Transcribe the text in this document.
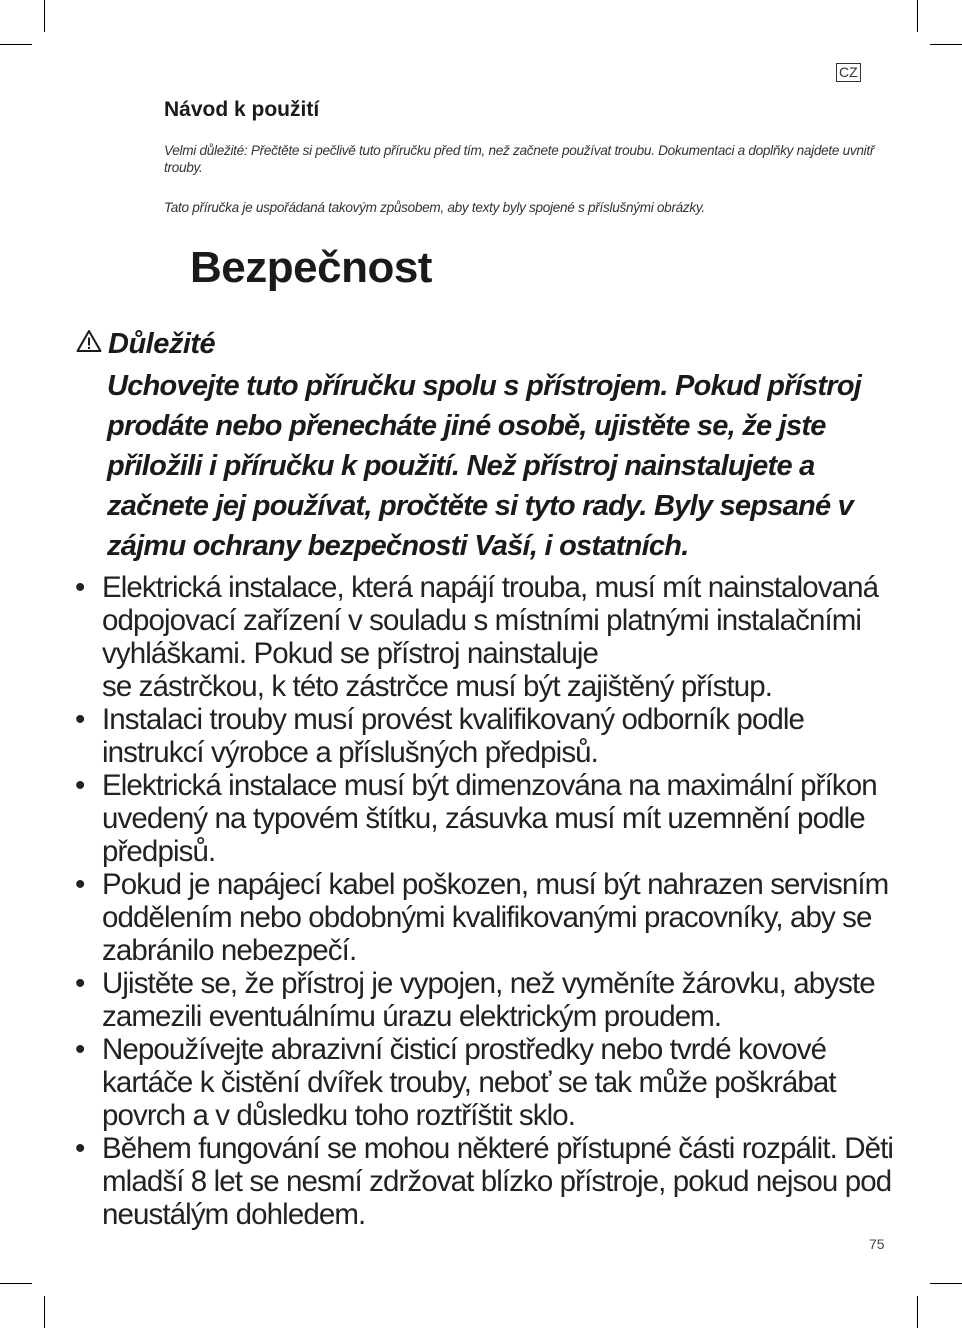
CZ
Návod k použití

Velmi důležité: Přečtěte si pečlivě tuto příručku před tím, než začnete používat troubu. Dokumentaci a doplňky najdete uvnitř trouby.

Tato příručka je uspořádaná takovým způsobem, aby texty byly spojené s příslušnými obrázky.

Bezpečnost
Důležité

Uchovejte tuto příručku spolu s přístrojem. Pokud přístroj prodáte nebo přenecháte jiné osobě, ujistěte se, že jste přiložili i příručku k použití. Než přístroj nainstalujete a začnete jej používat, pročtěte si tyto rady. Byly sepsané v zájmu ochrany bezpečnosti Vaší, i ostatních.

• Elektrická instalace, která napájí trouba, musí mít nainstalovaná odpojovací zařízení v souladu s místními platnými instalačními vyhláškami. Pokud se přístroj nainstaluje
se zástrčkou, k této zástrčce musí být zajištěný přístup.
• Instalaci trouby musí provést kvalifikovaný odborník podle instrukcí výrobce a příslušných předpisů.
• Elektrická instalace musí být dimenzována na maximální příkon uvedený na typovém štítku, zásuvka musí mít uzemnění podle předpisů.
• Pokud je napájecí kabel poškozen, musí být nahrazen servisním oddělením nebo obdobnými kvalifikovanými pracovníky, aby se zabránilo nebezpečí.
• Ujistěte se, že přístroj je vypojen, než vyměníte žárovku, abyste zamezili eventuálnímu úrazu elektrickým proudem.
• Nepoužívejte abrazivní čisticí prostředky nebo tvrdé kovové kartáče k čistění dvířek trouby, neboť se tak může poškrábat povrch a v důsledku toho roztříštit sklo.
• Během fungování se mohou některé přístupné části rozpálit. Děti mladší 8 let se nesmí zdržovat blízko přístroje, pokud nejsou pod neustálým dohledem.
75
